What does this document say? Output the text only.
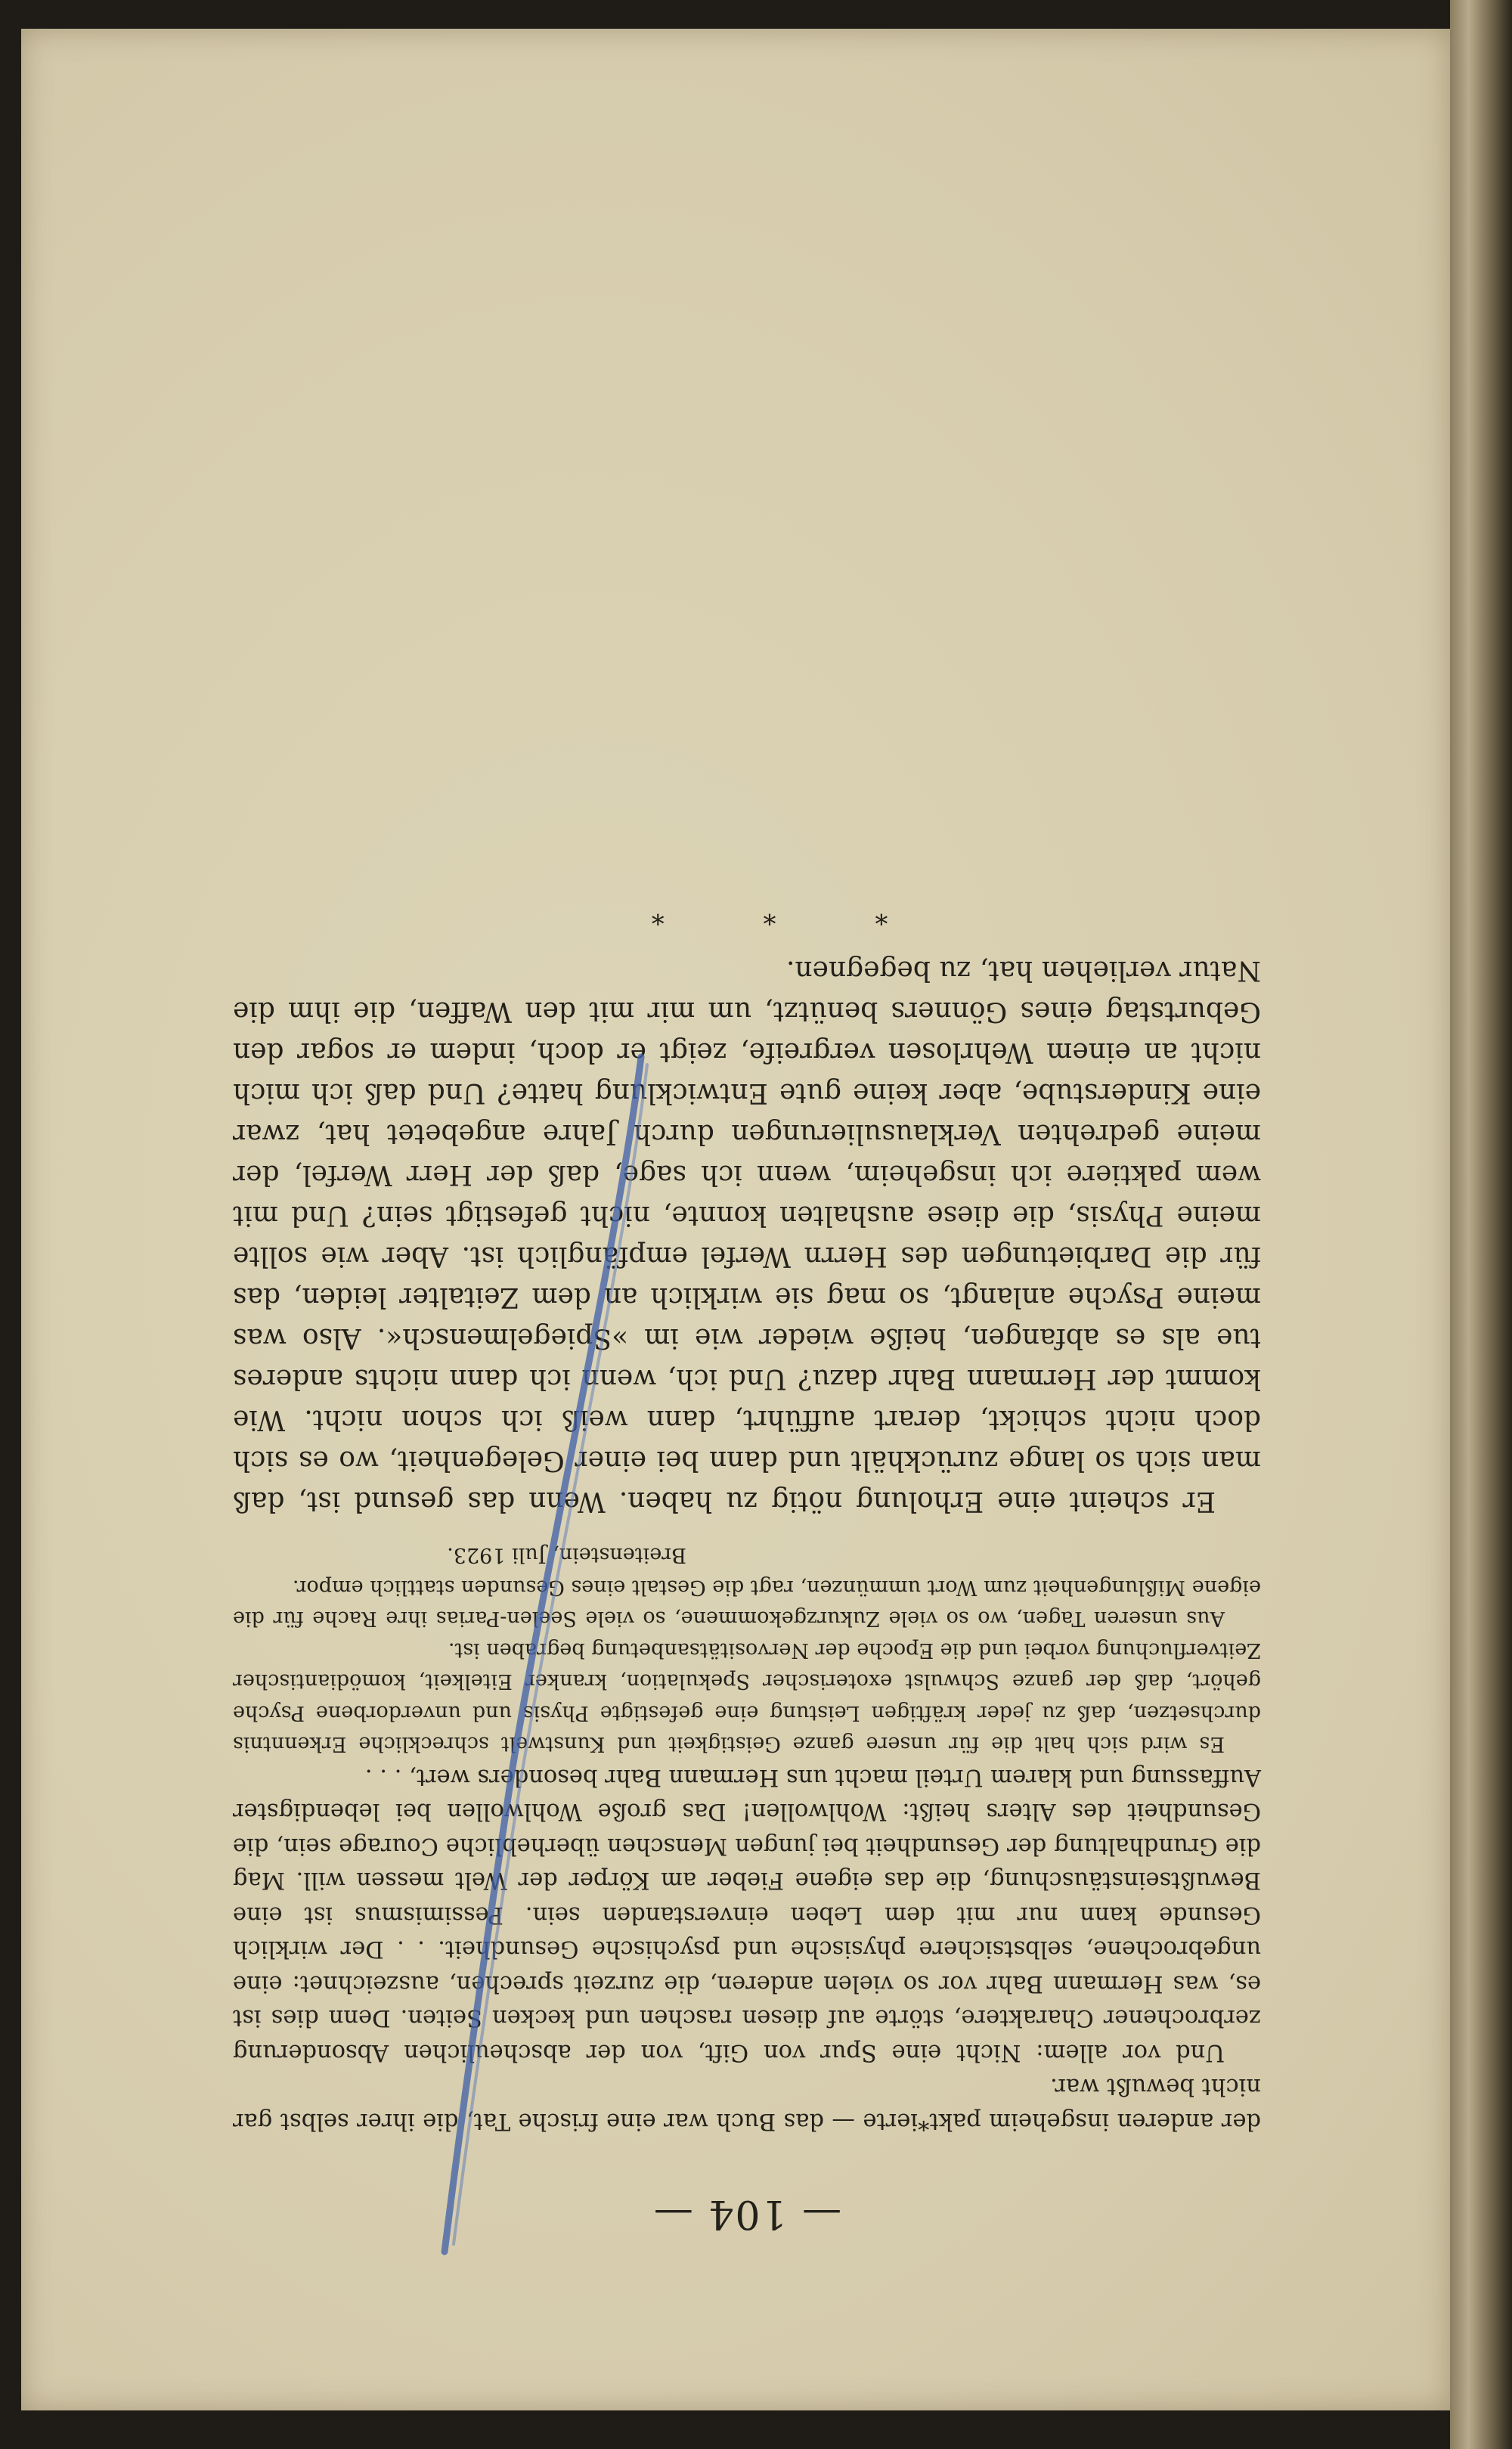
— 104 —

der anderen insgeheim pakt*ierte — das Buch war eine frische Tat, die ihrer selbst gar nicht bewußt war.

Und vor allem: Nicht eine Spur von Gift, von der abscheulichen Absonderung zerbrochener Charaktere, störte auf diesen raschen und kecken Seiten. Denn dies ist es, was Hermann Bahr vor so vielen anderen, die zurzeit sprechen, auszeichnet: eine ungebrochene, selbstsichere physische und psychische Gesundheit. . . Der wirklich Gesunde kann nur mit dem Leben einverstanden sein. Pessimismus ist eine Bewußtseinstäuschung, die das eigene Fieber am Körper der Welt messen will. Mag die Grundhaltung der Gesundheit bei jungen Menschen überhebliche Courage sein, die Gesundheit des Alters heißt: Wohlwollen! Das große Wohlwollen bei lebendigster Auffassung und klarem Urteil macht uns Hermann Bahr besonders wert, . . .

Es wird sich halt die für unsere ganze Geistigkeit und Kunstwelt schreckliche Erkenntnis durchsetzen, daß zu jeder kräftigen Leistung eine gefestigte Physis und unverdorbene Psyche gehört, daß der ganze Schwulst exoterischer Spekulation, kranker Eitelkeit, komödiantischer Zeitverfluchung vorbei und die Epoche der Nervositätsanbetung begraben ist.

Aus unseren Tagen, wo so viele Zukurzgekommene, so viele Seelen-Parias ihre Rache für die eigene Mißlungenheit zum Wort ummünzen, ragt die Gestalt eines Gesunden stattlich empor.

Breitenstein, Juli 1923.

Er scheint eine Erholung nötig zu haben. Wenn das gesund ist, daß man sich so lange zurückhält und dann bei einer Gelegenheit, wo es sich doch nicht schickt, derart aufführt, dann weiß ich schon nicht. Wie kommt der Hermann Bahr dazu? Und ich, wenn ich dann nichts anderes tue als es abfangen, heiße wieder wie im »Spiegelmensch«. Also was meine Psyche anlangt, so mag sie wirklich an dem Zeitalter leiden, das für die Darbietungen des Herrn Werfel empfänglich ist. Aber wie sollte meine Physis, die diese aushalten konnte, nicht gefestigt sein? Und mit wem paktiere ich insgeheim, wenn ich sage, daß der Herr Werfel, der meine gedrehten Verklausulierungen durch Jahre angebetet hat, zwar eine Kinderstube, aber keine gute Entwicklung hatte? Und daß ich mich nicht an einem Wehrlosen vergreife, zeigt er doch, indem er sogar den Geburtstag eines Gönners benützt, um mir mit den Waffen, die ihm die Natur verliehen hat, zu begegnen.

* * *
